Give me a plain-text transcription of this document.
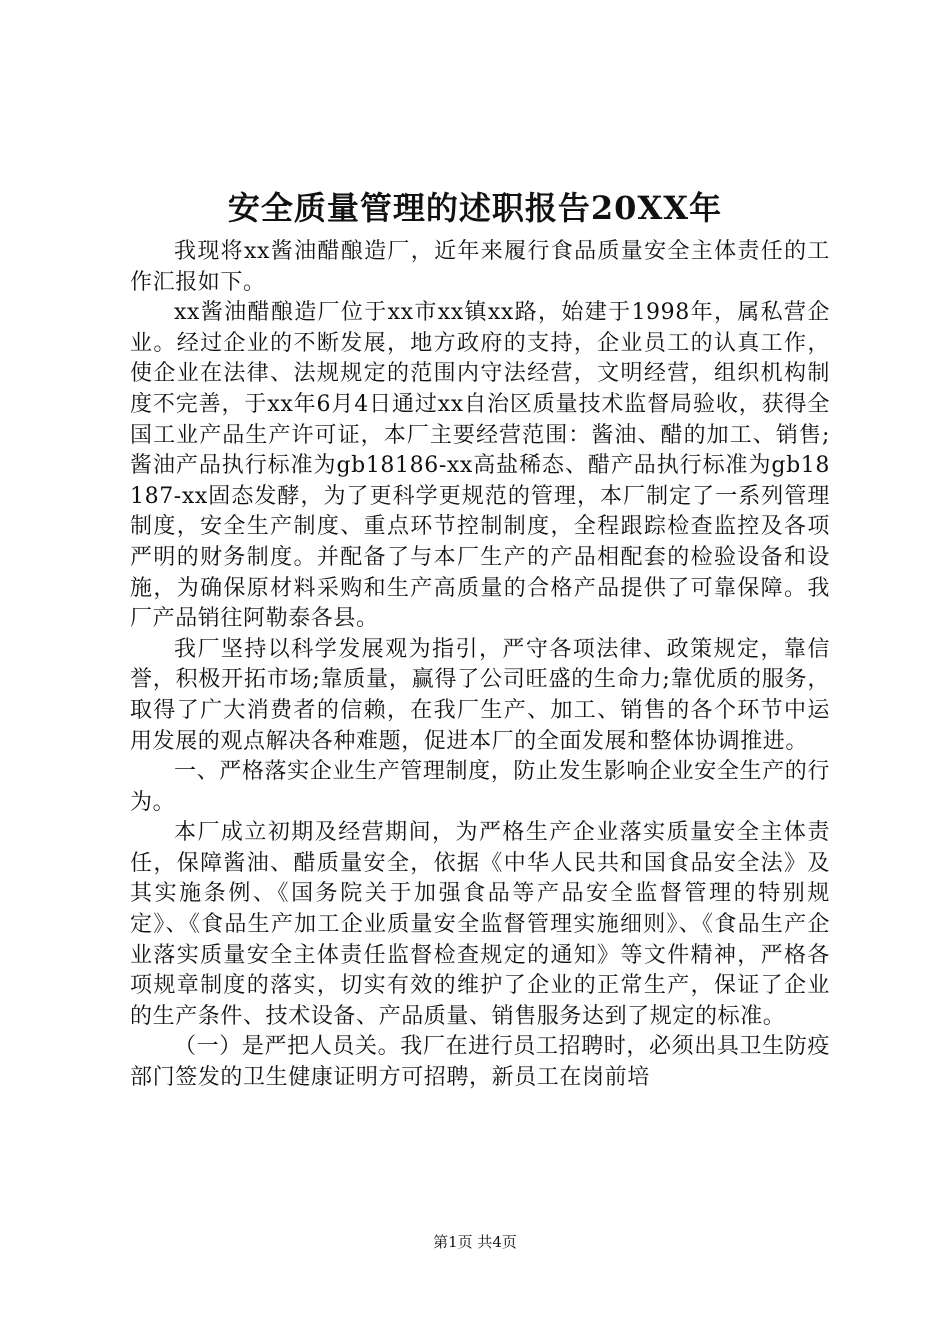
安全质量管理的述职报告20XX年

我现将xx酱油醋酿造厂，近年来履行食品质量安全主体责任的工作汇报如下。

xx酱油醋酿造厂位于xx市xx镇xx路，始建于1998年，属私营企业。经过企业的不断发展，地方政府的支持，企业员工的认真工作，使企业在法律、法规规定的范围内守法经营，文明经营，组织机构制度不完善，于xx年6月4日通过xx自治区质量技术监督局验收，获得全国工业产品生产许可证，本厂主要经营范围：酱油、醋的加工、销售;酱油产品执行标准为gb18186-xx高盐稀态、醋产品执行标准为gb18187-xx固态发酵，为了更科学更规范的管理，本厂制定了一系列管理制度，安全生产制度、重点环节控制制度，全程跟踪检查监控及各项严明的财务制度。并配备了与本厂生产的产品相配套的检验设备和设施，为确保原材料采购和生产高质量的合格产品提供了可靠保障。我厂产品销往阿勒泰各县。

我厂坚持以科学发展观为指引，严守各项法律、政策规定，靠信誉，积极开拓市场;靠质量，赢得了公司旺盛的生命力;靠优质的服务，取得了广大消费者的信赖，在我厂生产、加工、销售的各个环节中运用发展的观点解决各种难题，促进本厂的全面发展和整体协调推进。

一、严格落实企业生产管理制度，防止发生影响企业安全生产的行为。

本厂成立初期及经营期间，为严格生产企业落实质量安全主体责任，保障酱油、醋质量安全，依据《中华人民共和国食品安全法》及其实施条例、《国务院关于加强食品等产品安全监督管理的特别规定》、《食品生产加工企业质量安全监督管理实施细则》、《食品生产企业落实质量安全主体责任监督检查规定的通知》等文件精神，严格各项规章制度的落实，切实有效的维护了企业的正常生产，保证了企业的生产条件、技术设备、产品质量、销售服务达到了规定的标准。

（一）是严把人员关。我厂在进行员工招聘时，必须出具卫生防疫部门签发的卫生健康证明方可招聘，新员工在岗前培

第1页 共4页
